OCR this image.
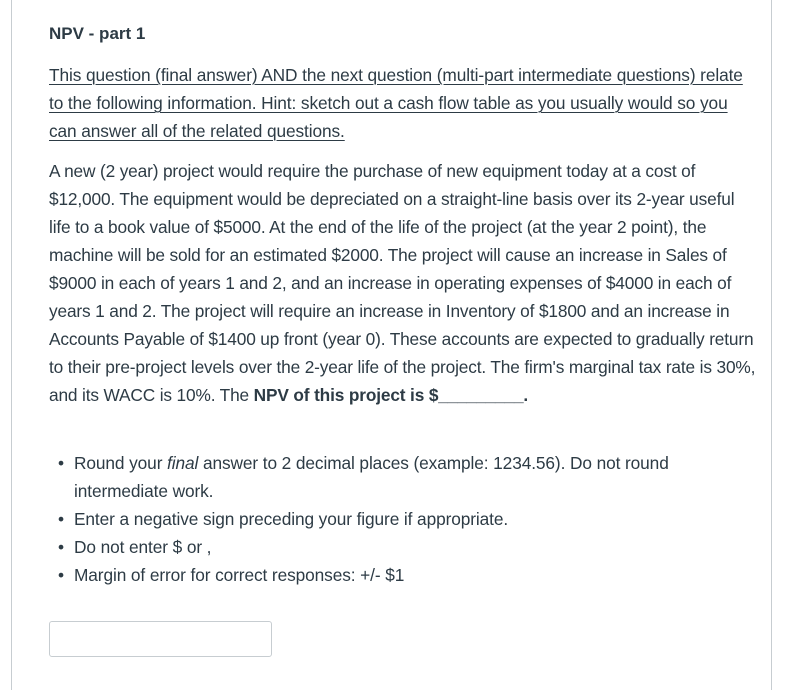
NPV - part 1

This question (final answer) AND the next question (multi-part intermediate questions) relate to the following information. Hint: sketch out a cash flow table as you usually would so you can answer all of the related questions.

A new (2 year) project would require the purchase of new equipment today at a cost of $12,000. The equipment would be depreciated on a straight-line basis over its 2-year useful life to a book value of $5000. At the end of the life of the project (at the year 2 point), the machine will be sold for an estimated $2000. The project will cause an increase in Sales of $9000 in each of years 1 and 2, and an increase in operating expenses of $4000 in each of years 1 and 2. The project will require an increase in Inventory of $1800 and an increase in Accounts Payable of $1400 up front (year 0). These accounts are expected to gradually return to their pre-project levels over the 2-year life of the project. The firm's marginal tax rate is 30%, and its WACC is 10%. The NPV of this project is $_________.

• Round your final answer to 2 decimal places (example: 1234.56). Do not round intermediate work.
• Enter a negative sign preceding your figure if appropriate.
• Do not enter $ or ,
• Margin of error for correct responses: +/- $1
